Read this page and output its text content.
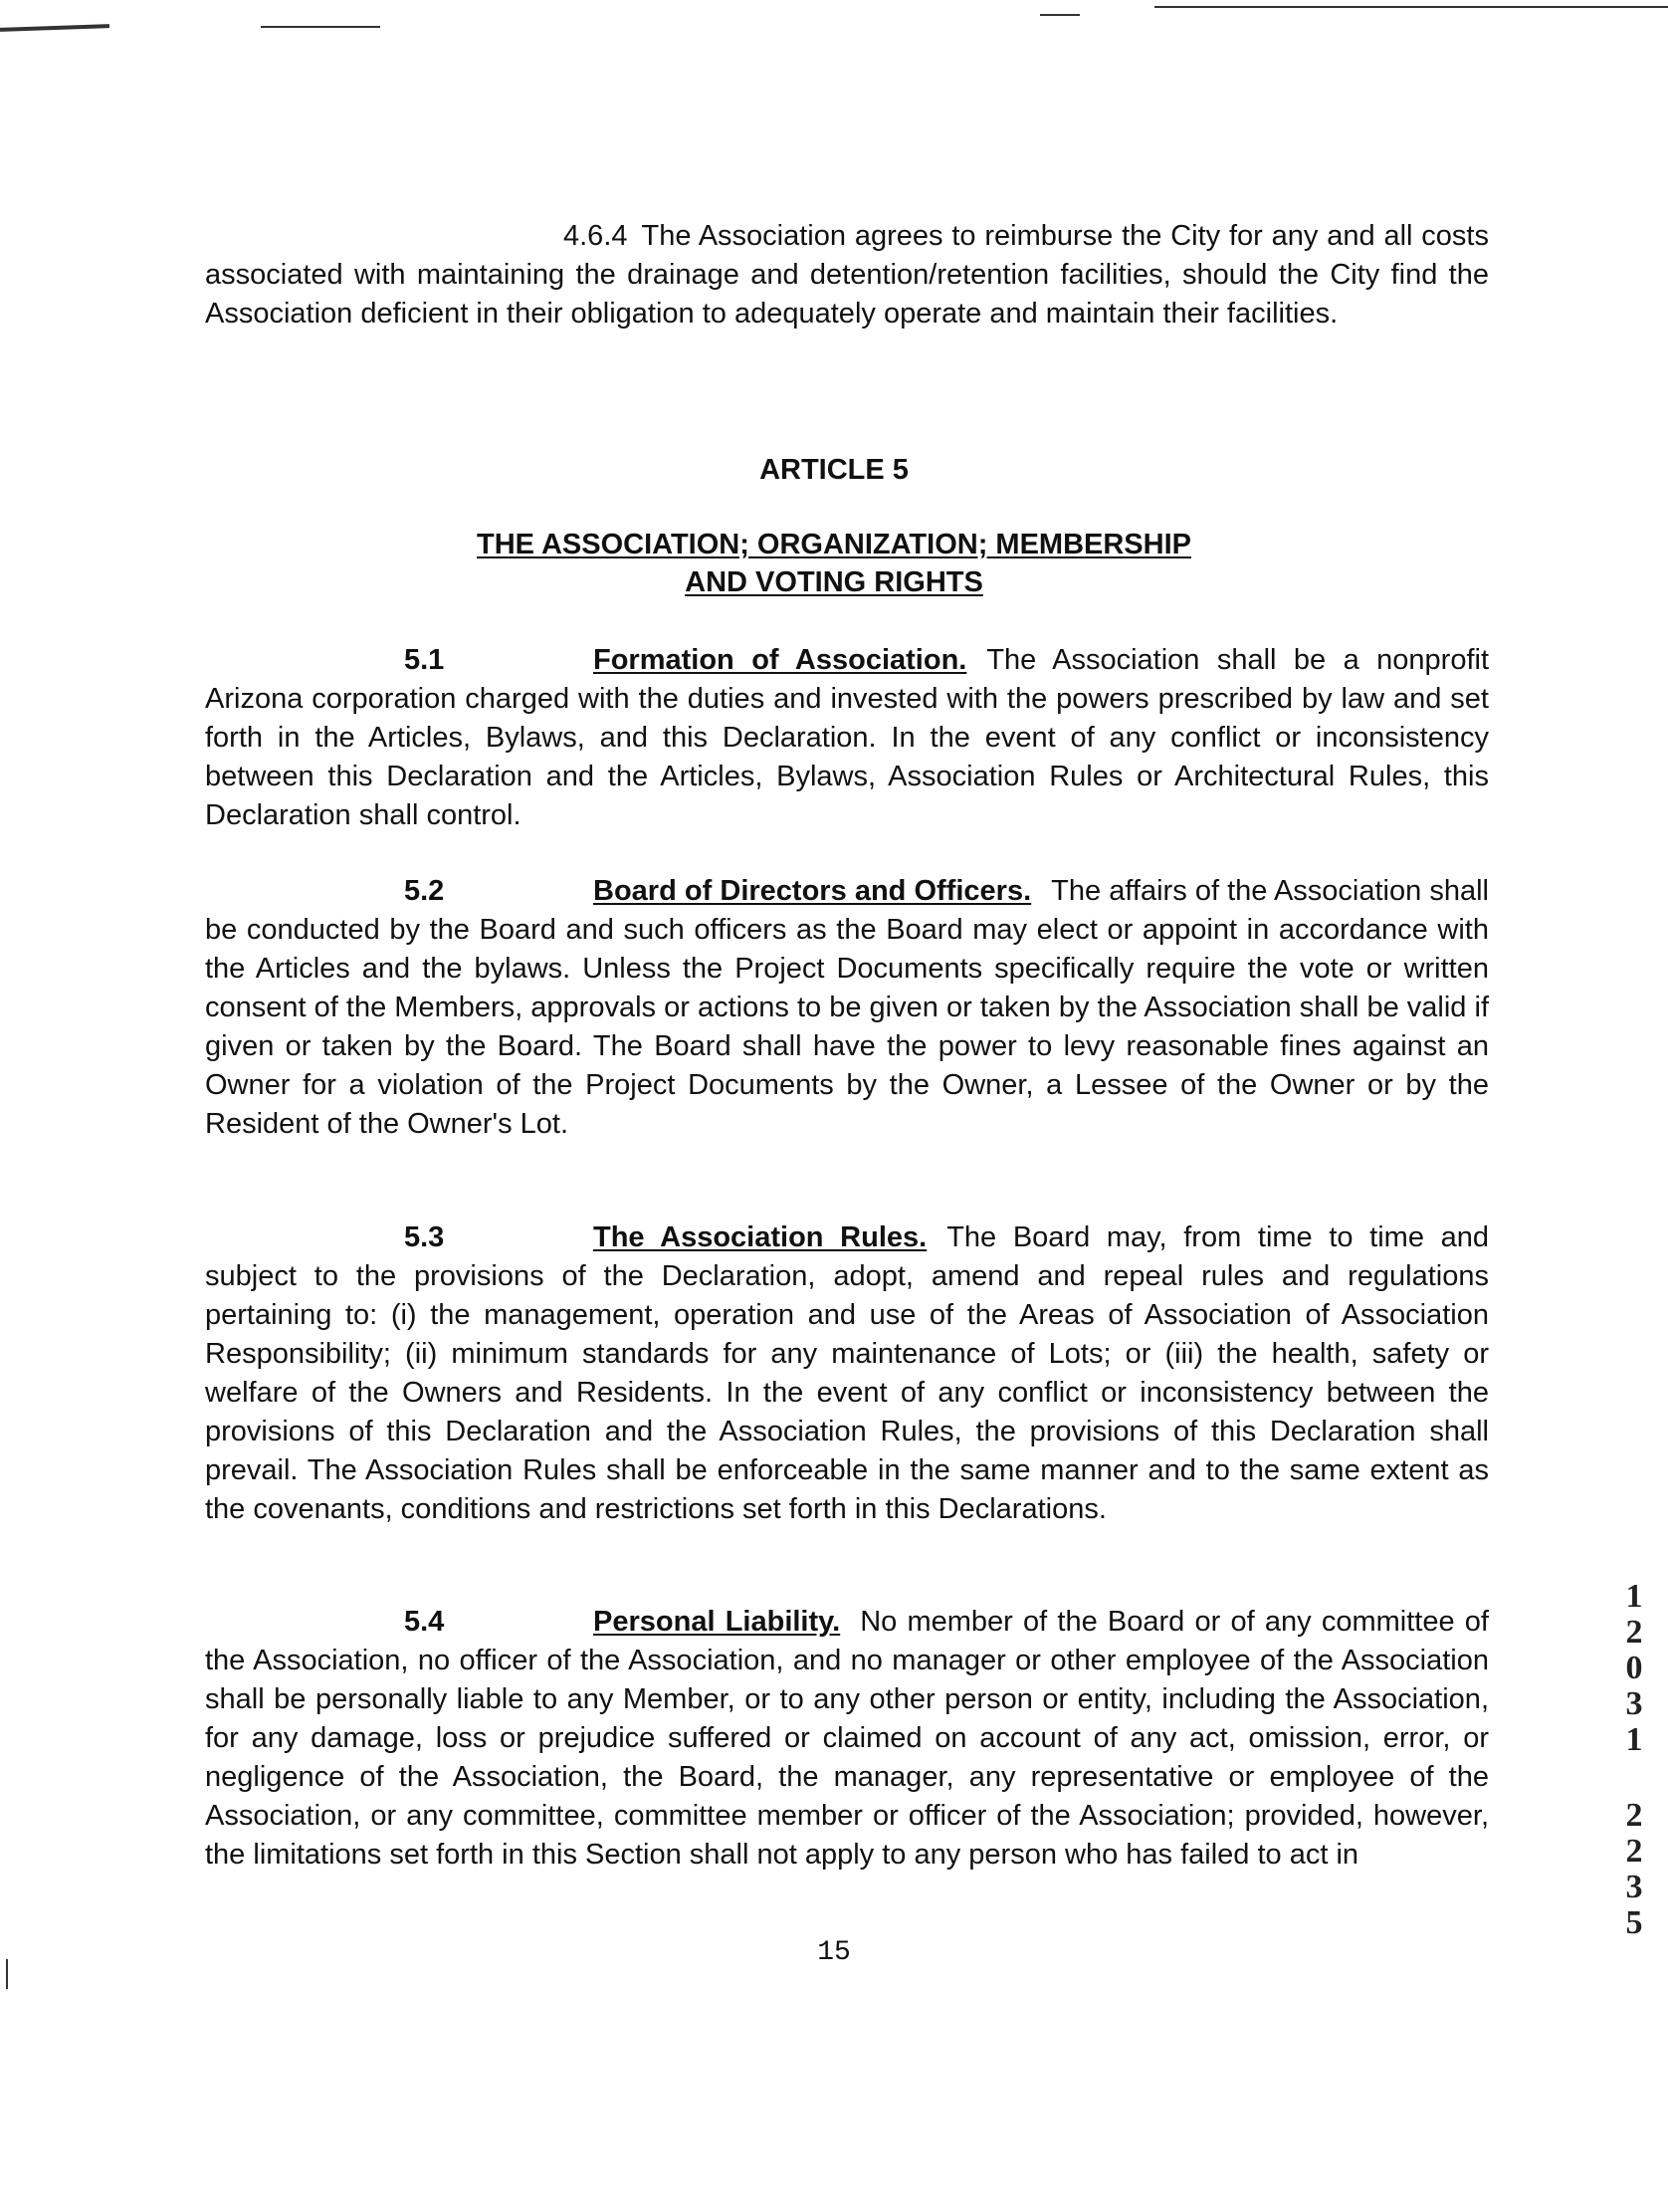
4.6.4 The Association agrees to reimburse the City for any and all costs associated with maintaining the drainage and detention/retention facilities, should the City find the Association deficient in their obligation to adequately operate and maintain their facilities.

ARTICLE 5
THE ASSOCIATION; ORGANIZATION; MEMBERSHIP
AND VOTING RIGHTS

5.1	Formation of Association. The Association shall be a nonprofit Arizona corporation charged with the duties and invested with the powers prescribed by law and set forth in the Articles, Bylaws, and this Declaration. In the event of any conflict or inconsistency between this Declaration and the Articles, Bylaws, Association Rules or Architectural Rules, this Declaration shall control.

5.2	Board of Directors and Officers. The affairs of the Association shall be conducted by the Board and such officers as the Board may elect or appoint in accordance with the Articles and the bylaws. Unless the Project Documents specifically require the vote or written consent of the Members, approvals or actions to be given or taken by the Association shall be valid if given or taken by the Board. The Board shall have the power to levy reasonable fines against an Owner for a violation of the Project Documents by the Owner, a Lessee of the Owner or by the Resident of the Owner's Lot.

5.3	The Association Rules. The Board may, from time to time and subject to the provisions of the Declaration, adopt, amend and repeal rules and regulations pertaining to: (i) the management, operation and use of the Areas of Association of Association Responsibility; (ii) minimum standards for any maintenance of Lots; or (iii) the health, safety or welfare of the Owners and Residents. In the event of any conflict or inconsistency between the provisions of this Declaration and the Association Rules, the provisions of this Declaration shall prevail. The Association Rules shall be enforceable in the same manner and to the same extent as the covenants, conditions and restrictions set forth in this Declarations.

5.4	Personal Liability. No member of the Board or of any committee of the Association, no officer of the Association, and no manager or other employee of the Association shall be personally liable to any Member, or to any other person or entity, including the Association, for any damage, loss or prejudice suffered or claimed on account of any act, omission, error, or negligence of the Association, the Board, the manager, any representative or employee of the Association, or any committee, committee member or officer of the Association; provided, however, the limitations set forth in this Section shall not apply to any person who has failed to act in

15
1
2
0
3
1
2
2
3
5
